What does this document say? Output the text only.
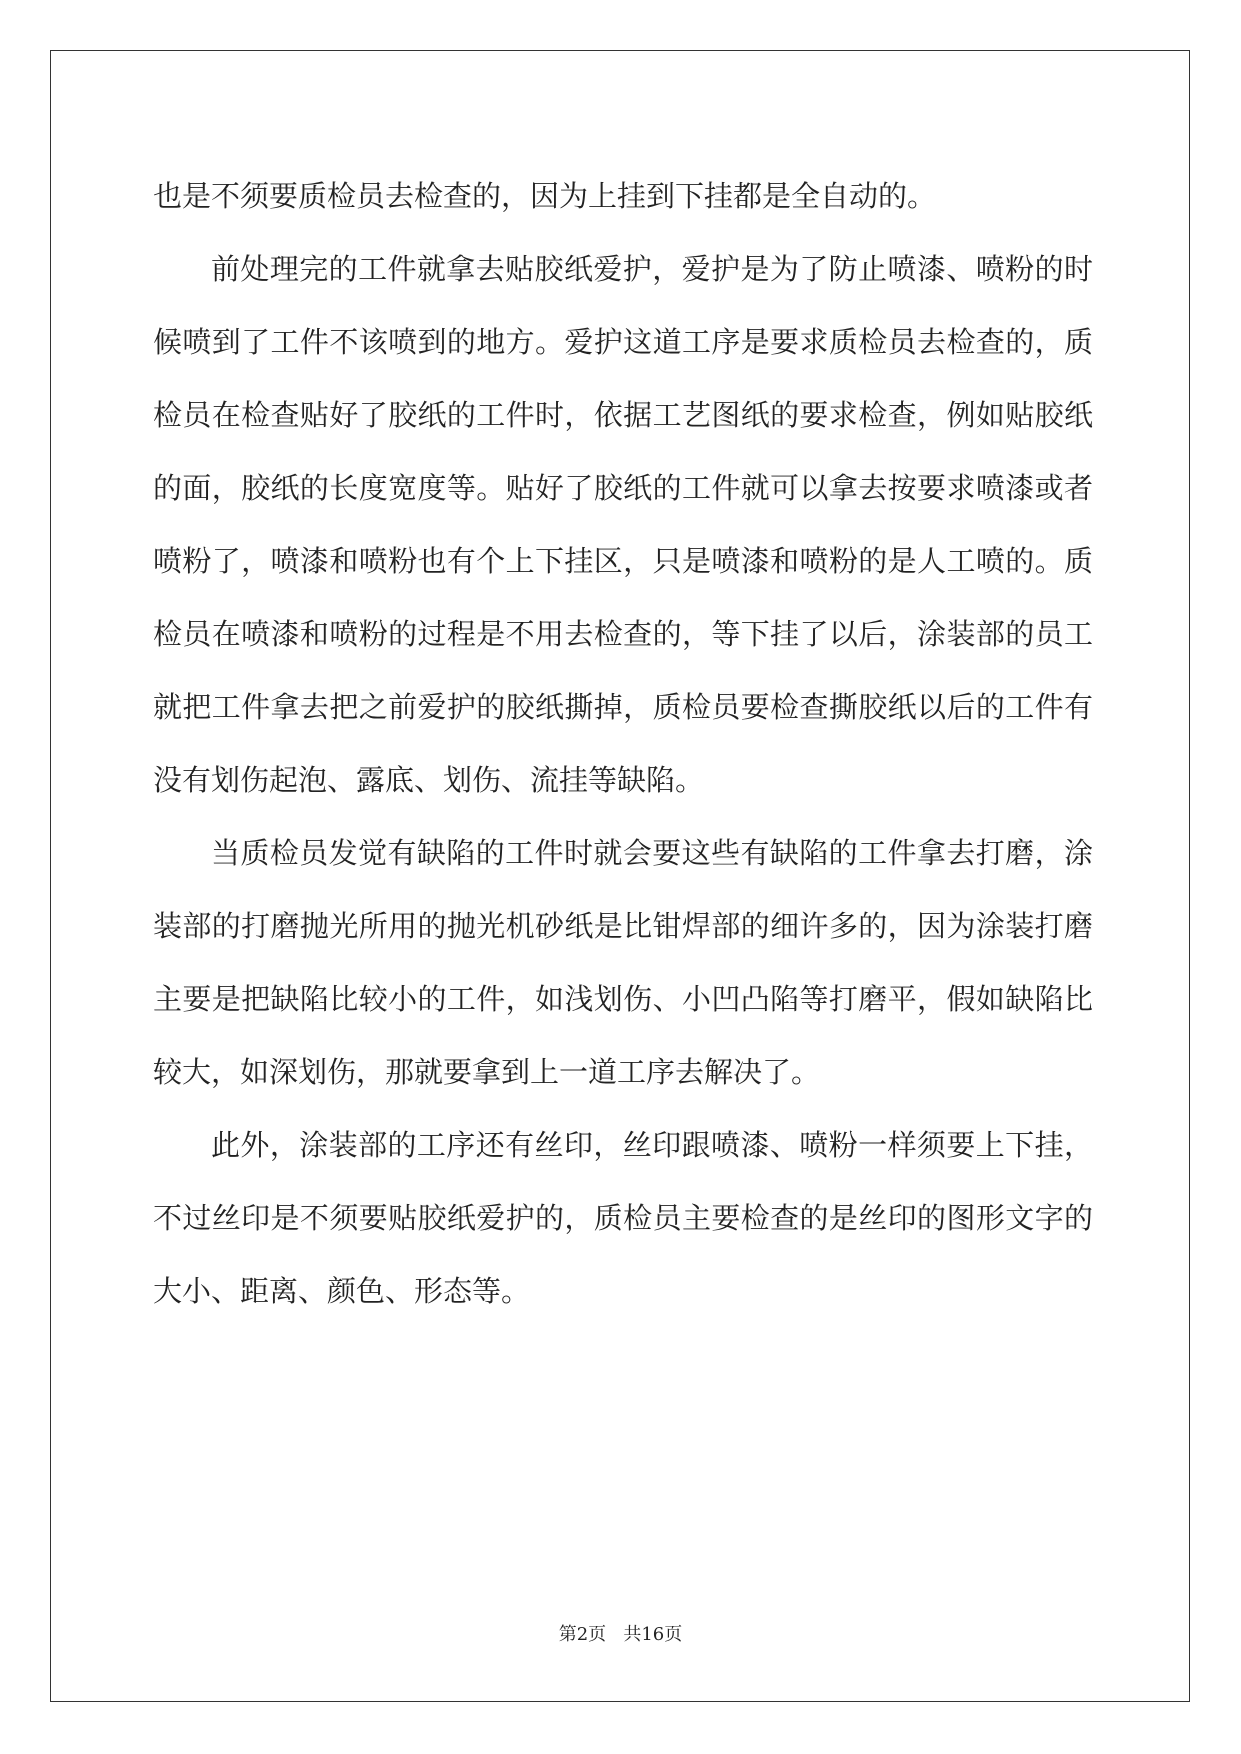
也是不须要质检员去检查的，因为上挂到下挂都是全自动的。

前处理完的工件就拿去贴胶纸爱护，爱护是为了防止喷漆、喷粉的时候喷到了工件不该喷到的地方。爱护这道工序是要求质检员去检查的，质检员在检查贴好了胶纸的工件时，依据工艺图纸的要求检查，例如贴胶纸的面，胶纸的长度宽度等。贴好了胶纸的工件就可以拿去按要求喷漆或者喷粉了，喷漆和喷粉也有个上下挂区，只是喷漆和喷粉的是人工喷的。质检员在喷漆和喷粉的过程是不用去检查的，等下挂了以后，涂装部的员工就把工件拿去把之前爱护的胶纸撕掉，质检员要检查撕胶纸以后的工件有没有划伤起泡、露底、划伤、流挂等缺陷。

当质检员发觉有缺陷的工件时就会要这些有缺陷的工件拿去打磨，涂装部的打磨抛光所用的抛光机砂纸是比钳焊部的细许多的，因为涂装打磨主要是把缺陷比较小的工件，如浅划伤、小凹凸陷等打磨平，假如缺陷比较大，如深划伤，那就要拿到上一道工序去解决了。

此外，涂装部的工序还有丝印，丝印跟喷漆、喷粉一样须要上下挂，不过丝印是不须要贴胶纸爱护的，质检员主要检查的是丝印的图形文字的大小、距离、颜色、形态等。

第2页   共16页
